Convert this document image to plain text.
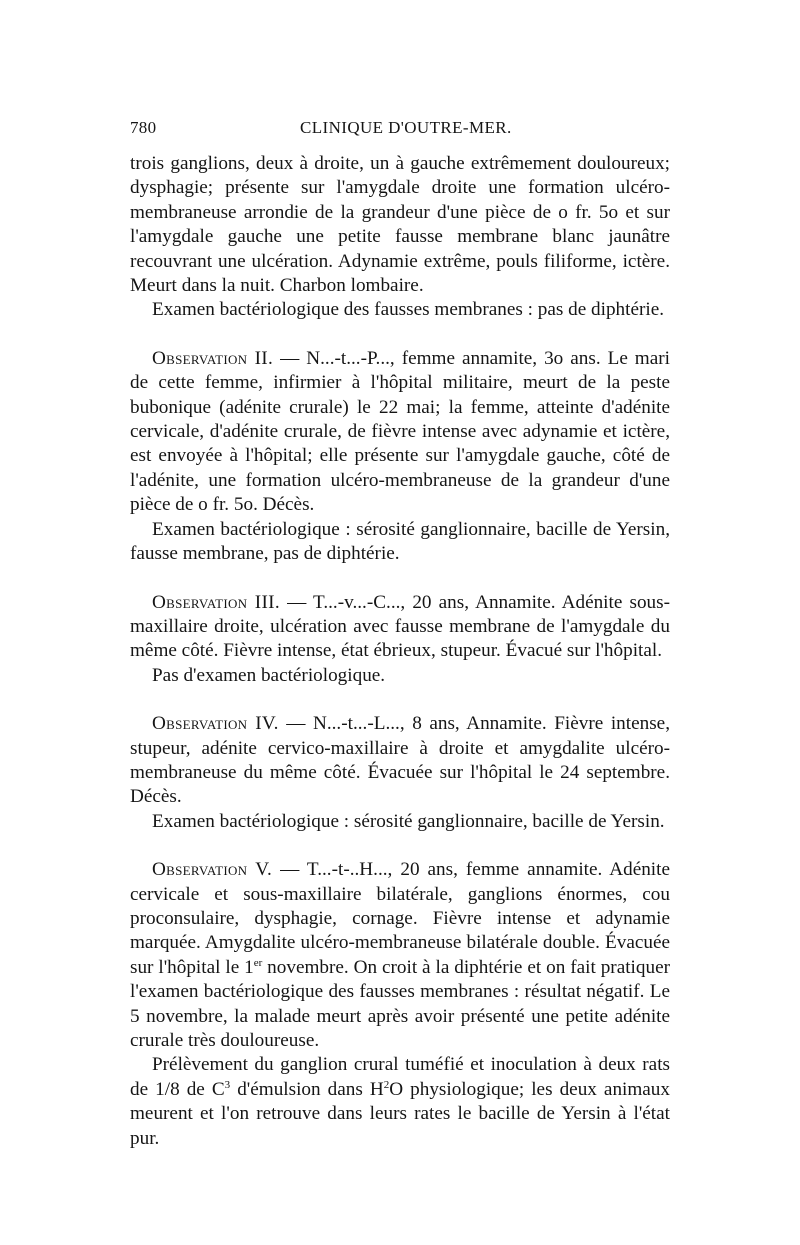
780	CLINIQUE D'OUTRE-MER.

trois ganglions, deux à droite, un à gauche extrêmement douloureux; dysphagie; présente sur l'amygdale droite une formation ulcéro-membraneuse arrondie de la grandeur d'une pièce de o fr. 5o et sur l'amygdale gauche une petite fausse membrane blanc jaunâtre recouvrant une ulcération. Adynamie extrême, pouls filiforme, ictère. Meurt dans la nuit. Charbon lombaire.

Examen bactériologique des fausses membranes : pas de diphtérie.

Observation II. — N...-t...-P..., femme annamite, 3o ans. Le mari de cette femme, infirmier à l'hôpital militaire, meurt de la peste bubonique (adénite crurale) le 22 mai; la femme, atteinte d'adénite cervicale, d'adénite crurale, de fièvre intense avec adynamie et ictère, est envoyée à l'hôpital; elle présente sur l'amygdale gauche, côté de l'adénite, une formation ulcéro-membraneuse de la grandeur d'une pièce de o fr. 5o. Décès.

Examen bactériologique : sérosité ganglionnaire, bacille de Yersin, fausse membrane, pas de diphtérie.

Observation III. — T...-v...-C..., 20 ans, Annamite. Adénite sous-maxillaire droite, ulcération avec fausse membrane de l'amygdale du même côté. Fièvre intense, état ébrieux, stupeur. Évacué sur l'hôpital.

Pas d'examen bactériologique.

Observation IV. — N...-t...-L..., 8 ans, Annamite. Fièvre intense, stupeur, adénite cervico-maxillaire à droite et amygdalite ulcéro-membraneuse du même côté. Évacuée sur l'hôpital le 24 septembre. Décès.

Examen bactériologique : sérosité ganglionnaire, bacille de Yersin.

Observation V. — T...-t-..H..., 20 ans, femme annamite. Adénite cervicale et sous-maxillaire bilatérale, ganglions énormes, cou proconsulaire, dysphagie, cornage. Fièvre intense et adynamie marquée. Amygdalite ulcéro-membraneuse bilatérale double. Évacuée sur l'hôpital le 1er novembre. On croit à la diphtérie et on fait pratiquer l'examen bactériologique des fausses membranes : résultat négatif. Le 5 novembre, la malade meurt après avoir présenté une petite adénite crurale très douloureuse.

Prélèvement du ganglion crural tuméfié et inoculation à deux rats de 1/8 de $C^3$ d'émulsion dans $H^2O$ physiologique; les deux animaux meurent et l'on retrouve dans leurs rates le bacille de Yersin à l'état pur.
